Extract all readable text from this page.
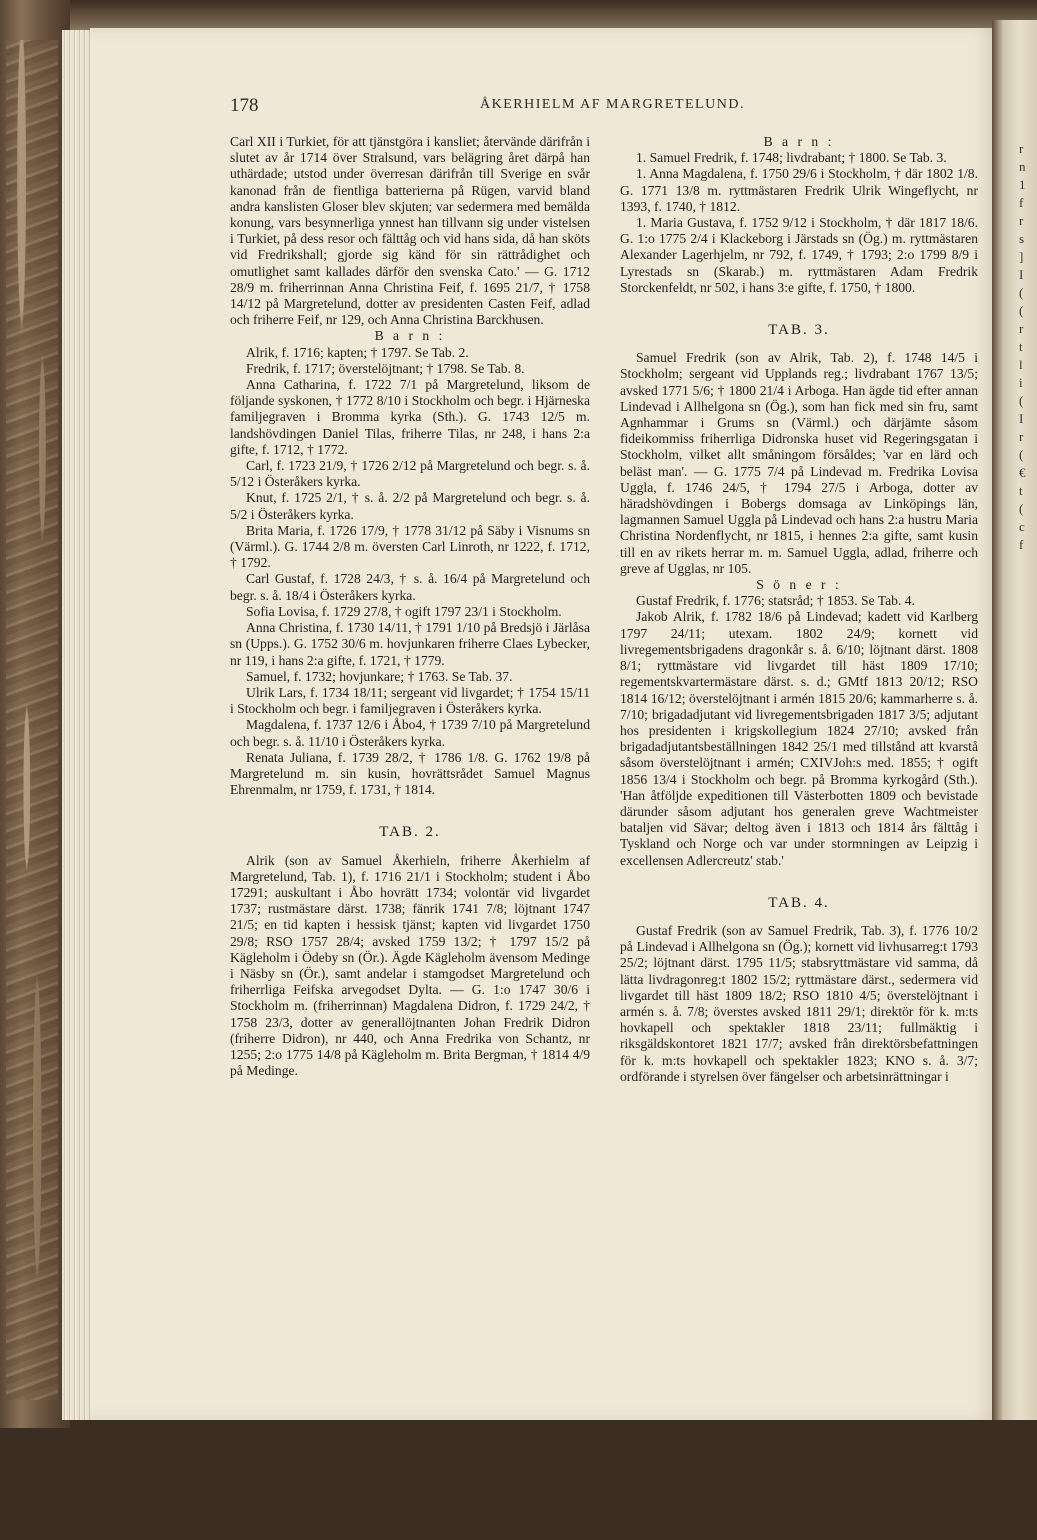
r
n
1
f
r
s
]
I
(
(
r
t
l
i
(
I
r
(
€
t
(
c
f
178	ÅKERHIELM AF MARGRETELUND.

Carl XII i Turkiet, för att tjänstgöra i kansliet; återvände därifrån i slutet av år 1714 över Stralsund, vars belägring året därpå han uthärdade; utstod under överresan därifrån till Sverige en svår kanonad från de fientliga batterierna på Rügen, varvid bland andra kanslisten Gloser blev skjuten; var sedermera med bemälda konung, vars besynnerliga ynnest han tillvann sig under vistelsen i Turkiet, på dess resor och fälttåg och vid hans sida, då han sköts vid Fredrikshall; gjorde sig känd för sin rättrådighet och omutlighet samt kallades därför den svenska Cato.' — G. 1712 28/9 m. friherrinnan Anna Christina Feif, f. 1695 21/7, † 1758 14/12 på Margretelund, dotter av presidenten Casten Feif, adlad och friherre Feif, nr 129, och Anna Christina Barckhusen.

B a r n :

Alrik, f. 1716; kapten; † 1797. Se Tab. 2.

Fredrik, f. 1717; överstelöjtnant; † 1798. Se Tab. 8.

Anna Catharina, f. 1722 7/1 på Margretelund, liksom de följande syskonen, † 1772 8/10 i Stockholm och begr. i Hjärneska familjegraven i Bromma kyrka (Sth.). G. 1743 12/5 m. landshövdingen Daniel Tilas, friherre Tilas, nr 248, i hans 2:a gifte, f. 1712, † 1772.

Carl, f. 1723 21/9, † 1726 2/12 på Margretelund och begr. s. å. 5/12 i Österåkers kyrka.

Knut, f. 1725 2/1, † s. å. 2/2 på Margretelund och begr. s. å. 5/2 i Österåkers kyrka.

Brita Maria, f. 1726 17/9, † 1778 31/12 på Säby i Visnums sn (Värml.). G. 1744 2/8 m. översten Carl Linroth, nr 1222, f. 1712, † 1792.

Carl Gustaf, f. 1728 24/3, † s. å. 16/4 på Margretelund och begr. s. å. 18/4 i Österåkers kyrka.

Sofia Lovisa, f. 1729 27/8, † ogift 1797 23/1 i Stockholm.

Anna Christina, f. 1730 14/11, † 1791 1/10 på Bredsjö i Järlåsa sn (Upps.). G. 1752 30/6 m. hovjunkaren friherre Claes Lybecker, nr 119, i hans 2:a gifte, f. 1721, † 1779.

Samuel, f. 1732; hovjunkare; † 1763. Se Tab. 37.

Ulrik Lars, f. 1734 18/11; sergeant vid livgardet; † 1754 15/11 i Stockholm och begr. i familjegraven i Österåkers kyrka.

Magdalena, f. 1737 12/6 i Åbo4, † 1739 7/10 på Margretelund och begr. s. å. 11/10 i Österåkers kyrka.

Renata Juliana, f. 1739 28/2, † 1786 1/8. G. 1762 19/8 på Margretelund m. sin kusin, hovrättsrådet Samuel Magnus Ehrenmalm, nr 1759, f. 1731, † 1814.

TAB. 2.

Alrik (son av Samuel Åkerhieln, friherre Åkerhielm af Margretelund, Tab. 1), f. 1716 21/1 i Stockholm; student i Åbo 17291; auskultant i Åbo hovrätt 1734; volontär vid livgardet 1737; rustmästare därst. 1738; fänrik 1741 7/8; löjtnant 1747 21/5; en tid kapten i hessisk tjänst; kapten vid livgardet 1750 29/8; RSO 1757 28/4; avsked 1759 13/2; † 1797 15/2 på Kägleholm i Ödeby sn (Ör.). Ägde Kägleholm ävensom Medinge i Näsby sn (Ör.), samt andelar i stamgodset Margretelund och friherrliga Feifska arvegodset Dylta. — G. 1:o 1747 30/6 i Stockholm m. (friherrinnan) Magdalena Didron, f. 1729 24/2, † 1758 23/3, dotter av generallöjtnanten Johan Fredrik Didron (friherre Didron), nr 440, och Anna Fredrika von Schantz, nr 1255; 2:o 1775 14/8 på Kägleholm m. Brita Bergman, † 1814 4/9 på Medinge.

B a r n :

1. Samuel Fredrik, f. 1748; livdrabant; † 1800. Se Tab. 3.

1. Anna Magdalena, f. 1750 29/6 i Stockholm, † där 1802 1/8. G. 1771 13/8 m. ryttmästaren Fredrik Ulrik Wingeflycht, nr 1393, f. 1740, † 1812.

1. Maria Gustava, f. 1752 9/12 i Stockholm, † där 1817 18/6. G. 1:o 1775 2/4 i Klackeborg i Järstads sn (Ög.) m. ryttmästaren Alexander Lagerhjelm, nr 792, f. 1749, † 1793; 2:o 1799 8/9 i Lyrestads sn (Skarab.) m. ryttmästaren Adam Fredrik Storckenfeldt, nr 502, i hans 3:e gifte, f. 1750, † 1800.

TAB. 3.

Samuel Fredrik (son av Alrik, Tab. 2), f. 1748 14/5 i Stockholm; sergeant vid Upplands reg.; livdrabant 1767 13/5; avsked 1771 5/6; † 1800 21/4 i Arboga. Han ägde tid efter annan Lindevad i Allhelgona sn (Ög.), som han fick med sin fru, samt Agnhammar i Grums sn (Värml.) och därjämte såsom fideikommiss friherrliga Didronska huset vid Regeringsgatan i Stockholm, vilket allt småningom försåldes; 'var en lärd och beläst man'. — G. 1775 7/4 på Lindevad m. Fredrika Lovisa Uggla, f. 1746 24/5, † 1794 27/5 i Arboga, dotter av häradshövdingen i Bobergs domsaga av Linköpings län, lagmannen Samuel Uggla på Lindevad och hans 2:a hustru Maria Christina Nordenflycht, nr 1815, i hennes 2:a gifte, samt kusin till en av rikets herrar m. m. Samuel Uggla, adlad, friherre och greve af Ugglas, nr 105.

S ö n e r :

Gustaf Fredrik, f. 1776; statsråd; † 1853. Se Tab. 4.

Jakob Alrik, f. 1782 18/6 på Lindevad; kadett vid Karlberg 1797 24/11; utexam. 1802 24/9; kornett vid livregementsbrigadens dragonkår s. å. 6/10; löjtnant därst. 1808 8/1; ryttmästare vid livgardet till häst 1809 17/10; regementskvartermästare därst. s. d.; GMtf 1813 20/12; RSO 1814 16/12; överstelöjtnant i armén 1815 20/6; kammarherre s. å. 7/10; brigadadjutant vid livregementsbrigaden 1817 3/5; adjutant hos presidenten i krigskollegium 1824 27/10; avsked från brigadadjutantsbeställningen 1842 25/1 med tillstånd att kvarstå såsom överstelöjtnant i armén; CXIVJoh:s med. 1855; † ogift 1856 13/4 i Stockholm och begr. på Bromma kyrkogård (Sth.). 'Han åtföljde expeditionen till Västerbotten 1809 och bevistade därunder såsom adjutant hos generalen greve Wachtmeister bataljen vid Sävar; deltog även i 1813 och 1814 års fälttåg i Tyskland och Norge och var under stormningen av Leipzig i excellensen Adlercreutz' stab.'

TAB. 4.

Gustaf Fredrik (son av Samuel Fredrik, Tab. 3), f. 1776 10/2 på Lindevad i Allhelgona sn (Ög.); kornett vid livhusarreg:t 1793 25/2; löjtnant därst. 1795 11/5; stabsryttmästare vid samma, då lätta livdragonreg:t 1802 15/2; ryttmästare därst., sedermera vid livgardet till häst 1809 18/2; RSO 1810 4/5; överstelöjtnant i armén s. å. 7/8; överstes avsked 1811 29/1; direktör för k. m:ts hovkapell och spektakler 1818 23/11; fullmäktig i riksgäldskontoret 1821 17/7; avsked från direktörsbefattningen för k. m:ts hovkapell och spektakler 1823; KNO s. å. 3/7; ordförande i styrelsen över fängelser och arbetsinrättningar i
